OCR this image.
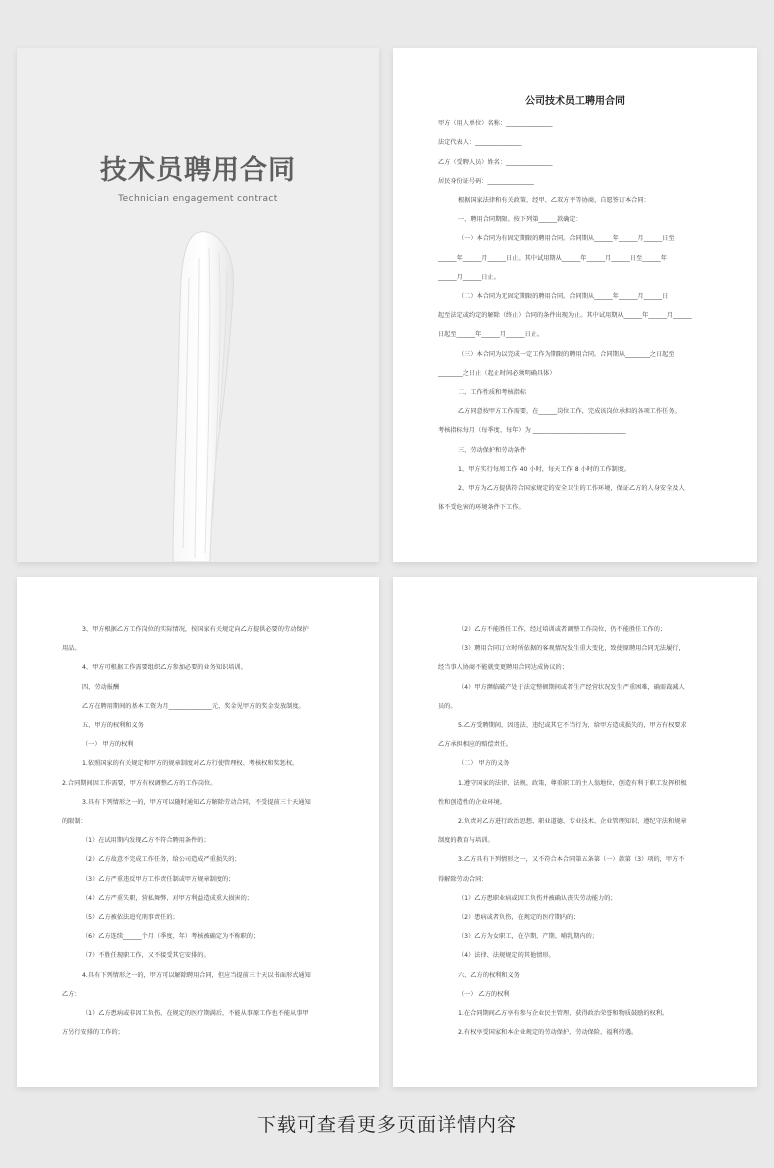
技术员聘用合同
Technician engagement contract

公司技术员工聘用合同

甲方（用人单位）名称：_______________

法定代表人：_______________

乙方（受聘人员）姓名：_______________

居民身份证号码：_______________

根据国家法律和有关政策、经甲、乙双方平等协商，自愿签订本合同：

一、聘用合同期限。按下列第______款确定：

（一）本合同为有固定期限的聘用合同。合同期从______年______月______日至

______年______月______日止。其中试用期从______年______月______日至______年

______月______日止。

（二）本合同为无固定期限的聘用合同。合同期从______年______月______日

起至法定或约定的解除（终止）合同的条件出现为止。其中试用期从______年______月______

日起至______年______月______日止。

（三）本合同为以完成一定工作为期限的聘用合同。合同期从________之日起至

________之日止（起止时间必须明确具体）

二、工作性质和考核指标

乙方同意按甲方工作需要，在______岗位工作，完成该岗位承担的各项工作任务。

考核指标每月（每季度、每年）为 ______________________________

三、劳动保护和劳动条件

1、甲方实行每周工作 40 小时，每天工作 8 小时的工作制度。

2、甲方为乙方提供符合国家规定的安全卫生的工作环境，保证乙方的人身安全及人

体不受危害的环境条件下工作。

3、甲方根据乙方工作岗位的实际情况，按国家有关规定向乙方提供必要的劳动保护

用品。

4、甲方可根据工作需要组织乙方参加必要的业务知识培训。

四、劳动报酬

乙方在聘用期间的基本工资为月______________元，奖金见甲方的奖金发放制度。

五、甲方的权利和义务

（一） 甲方的权利

1.依照国家的有关规定和甲方的规章制度对乙方行使管理权、考核权和奖惩权。

2.合同期间因工作需要，甲方有权调整乙方的工作岗位。

3.具有下列情形之一的，甲方可以随时通知乙方解除劳动合同，不受提前三十天通知

的限制：

（1）在试用期内发现乙方不符合聘用条件的；

（2）乙方故意不完成工作任务，给公司造成严重损失的；

（3）乙方严重违反甲方工作责任制或甲方规章制度的；

（4）乙方严重失职，营私舞弊，对甲方利益造成重大损害的；

（5）乙方被依法追究刑事责任的；

（6）乙方连续______个月（季度、年）考核被确定为不称职的；

（7）不胜任现职工作，又不接受其它安排的。

4.具有下列情形之一的，甲方可以解除聘用合同，但应当提前三十天以书面形式通知

乙方：

（1）乙方患病或非因工负伤，在规定的医疗期满后，不能从事原工作也不能从事甲

方另行安排的工作的；

（2）乙方不能胜任工作，经过培训或者调整工作岗位，仍不能胜任工作的；

（3）聘用合同订立时所依据的客观情况发生重大变化，致使原聘用合同无法履行，

经当事人协商不能就变更聘用合同达成协议的；

（4）甲方濒临破产处于法定整顿期间或者生产经营状况发生严重困难，确需裁减人

员的。

5.乙方受聘期间，因违法、违纪或其它不当行为，给甲方造成损失的，甲方有权要求

乙方承担相应的赔偿责任。

（二） 甲方的义务

1.遵守国家的法律、法规、政策，尊重职工的主人翁地位，创造有利于职工发挥积极

性和创造性的企业环境。

2.负责对乙方进行政治思想、职业道德、专业技术、企业管理知识、遵纪守法和规章

制度的教育与培训。

3.乙方具有下列情形之一，又不符合本合同第五条第（一）款第（3）项的，甲方不

得解除劳动合同：

（1）乙方患职业病或因工负伤并被确认丧失劳动能力的；

（2）患病或者负伤，在规定的医疗期内的；

（3）乙方为女职工，在孕期、产期、哺乳期内的；

（4）法律、法规规定的其他情形。

六、乙方的权利和义务

（一） 乙方的权利

1.在合同期间乙方享有参与企业民主管理、获得政治荣誉和物质鼓励的权利。

2.有权享受国家和本企业规定的劳动保护、劳动保险、福利待遇。

下载可查看更多页面详情内容
